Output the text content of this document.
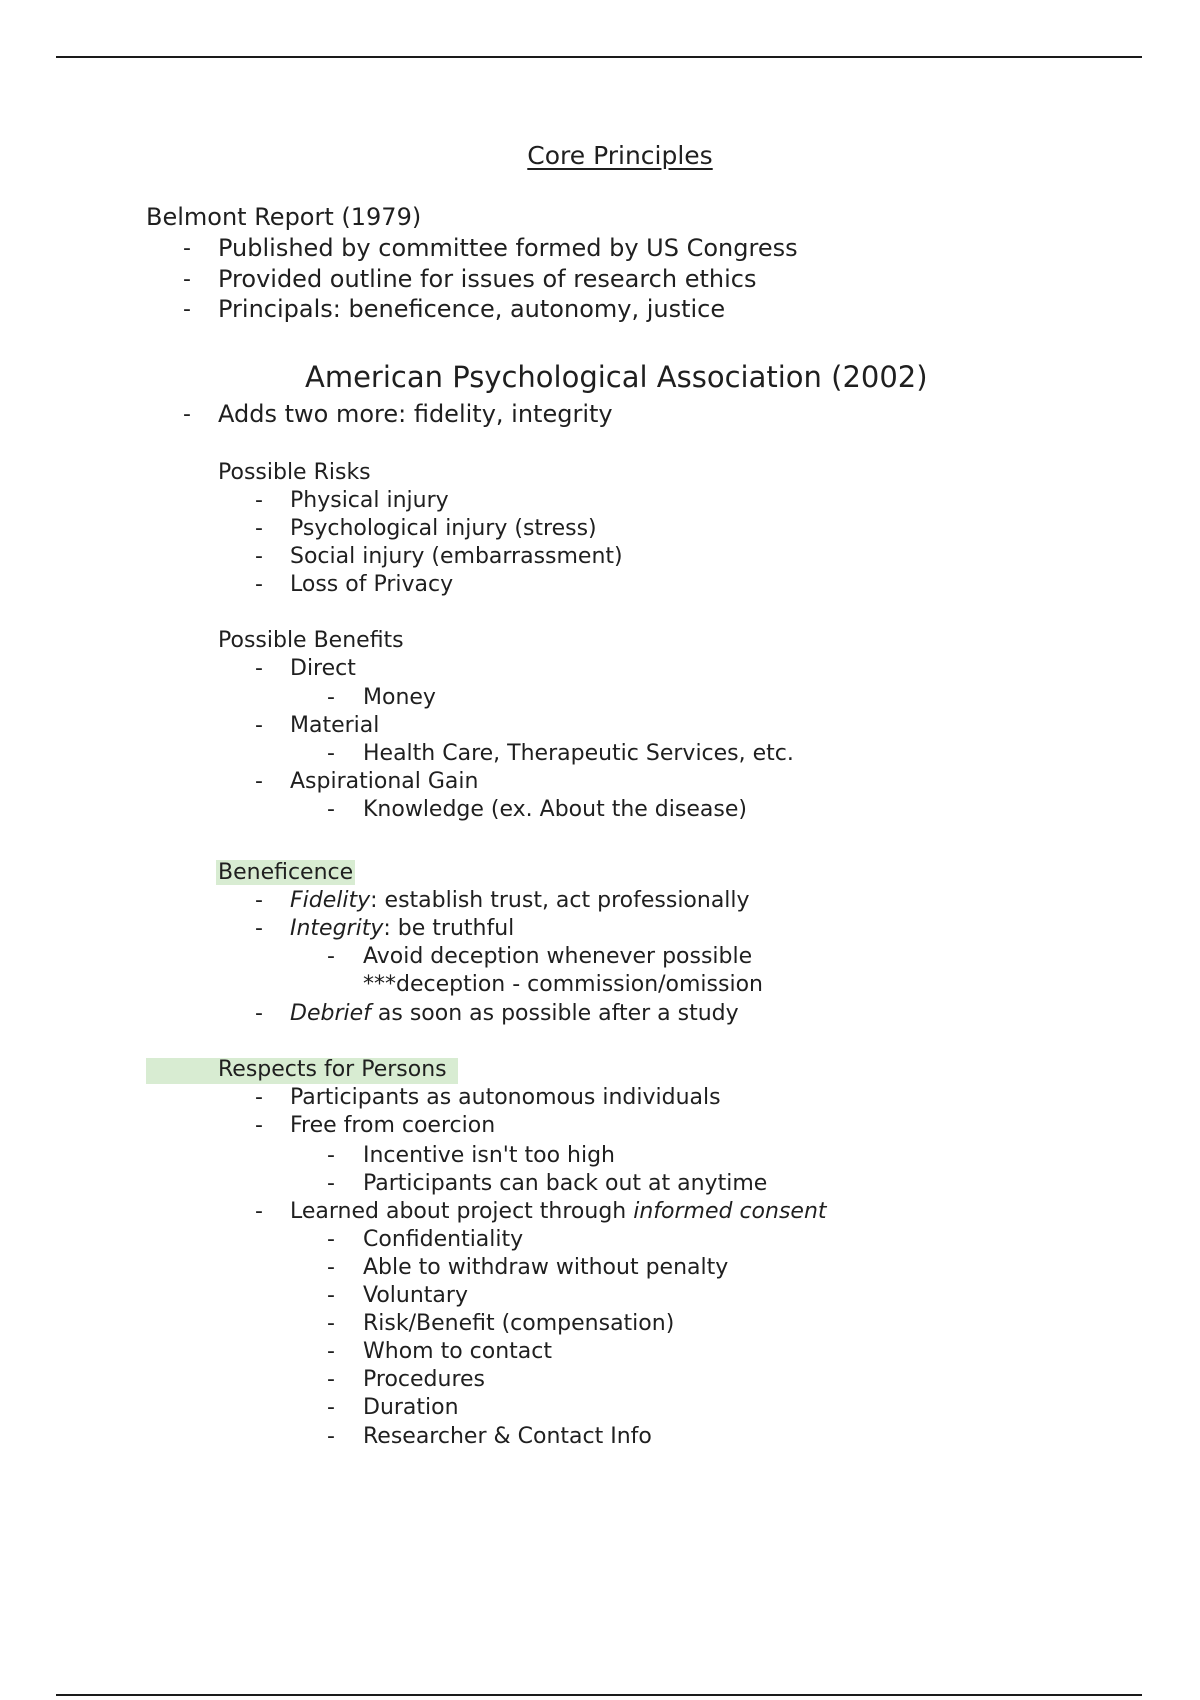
Core Principles
Belmont Report (1979)
- Published by committee formed by US Congress
- Provided outline for issues of research ethics
- Principals: beneficence, autonomy, justice
American Psychological Association (2002)
- Adds two more: fidelity, integrity
Possible Risks
- Physical injury
- Psychological injury (stress)
- Social injury (embarrassment)
- Loss of Privacy
Possible Benefits
- Direct
- Money
- Material
- Health Care, Therapeutic Services, etc.
- Aspirational Gain
- Knowledge (ex. About the disease)
Beneficence
- Fidelity: establish trust, act professionally
- Integrity: be truthful
- Avoid deception whenever possible
***deception - commission/omission
- Debrief as soon as possible after a study
Respects for Persons
- Participants as autonomous individuals
- Free from coercion
- Incentive isn't too high
- Participants can back out at anytime
- Learned about project through informed consent
- Confidentiality
- Able to withdraw without penalty
- Voluntary
- Risk/Benefit (compensation)
- Whom to contact
- Procedures
- Duration
- Researcher & Contact Info
